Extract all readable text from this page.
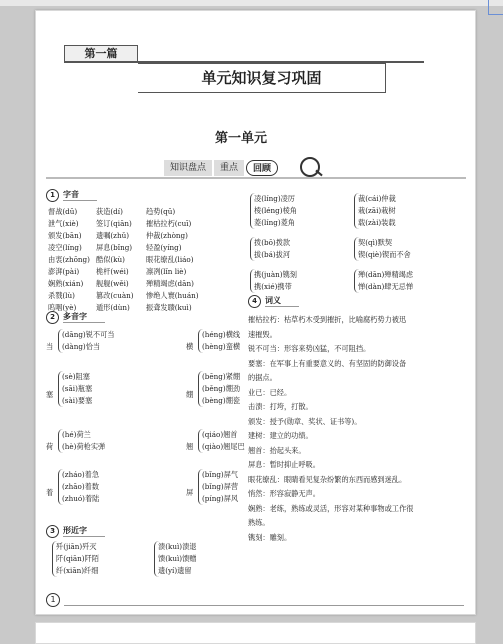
第一篇
单元知识复习巩固
第一单元
知识盘点	重点	回顾
1	字音
督战(dū)	获造(dí)	趋势(qū)
泄气(xiè)	签订(qiān)	摧枯拉朽(cuī)
颁发(bān)	遗嘱(zhǔ)	仲裁(zhòng)
凌空(líng)	屏息(bǐng)	轻盈(yíng)
由衷(zhōng) 酷似(kù)	眼花缭乱(liáo)
澎湃(pài)	桅杆(wéi)	凛冽(lǐn liè)
娴熟(xián)	舰舰(wěi)	殚精竭虑(dān)
杀戮(lù)	篡改(cuàn)	惨绝人寰(huán)
呜咽(yè)	遁形(dùn)	振聋发聩(kuì)
2	多音字
当
(dāng)锐不可当
(dàng)恰当	横
(héng)横线
(hèng)蛮横
塞
(sè)阻塞
(sāi)瓶塞
(sài)要塞
绷
(bēng)紧绷
(běng)绷劲
(bèng)绷瓷
荷
(hé)荷兰
(hè)荷枪实弹	翘
(qiáo)翘首
(qiào)翘尾巴
着
(zháo)着急
(zhāo)着数
(zhuó)着陆
屏
(bǐng)屏气
(bǐng)屏营
(píng)屏风
3	形近字
歼(jiān)歼灭
阡(qiān)阡陌
纤(xiān)纤细
溃(kuì)溃退
馈(kuì)馈赠
遗(yí)遗留
凌(líng)凌厉
棱(léng)棱角
菱(líng)菱角
裁(cái)仲裁
栽(zāi)栽树
载(zài)装载
拨(bō)拨款
拔(bá)拔河
契(qì)默契
锲(qiè)锲而不舍
携(juàn)镌刻
携(xié)携带
殚(dān)殚精竭虑
惮(dàn)肆无忌惮
4	词义
摧枯拉朽：枯草朽木受到摧折，比喻腐朽势力被迅
速摧毁。
锐不可当：形容来势凶猛，不可阻挡。
要塞：在军事上有重要意义的、有坚固的防御设备
的据点。
业已：已经。
击溃：打垮，打散。
颁发：授予(勋章、奖状、证书等)。
建树：建立的功绩。
翘首：抬起头来。
屏息：暂时抑止呼吸。
眼花缭乱：眼睛看见复杂纷繁的东西而感到迷乱。
悄然：形容寂静无声。
娴熟：老练，熟练或灵活，形容对某种事物或工作很
熟练。
镌刻：雕刻。
1
